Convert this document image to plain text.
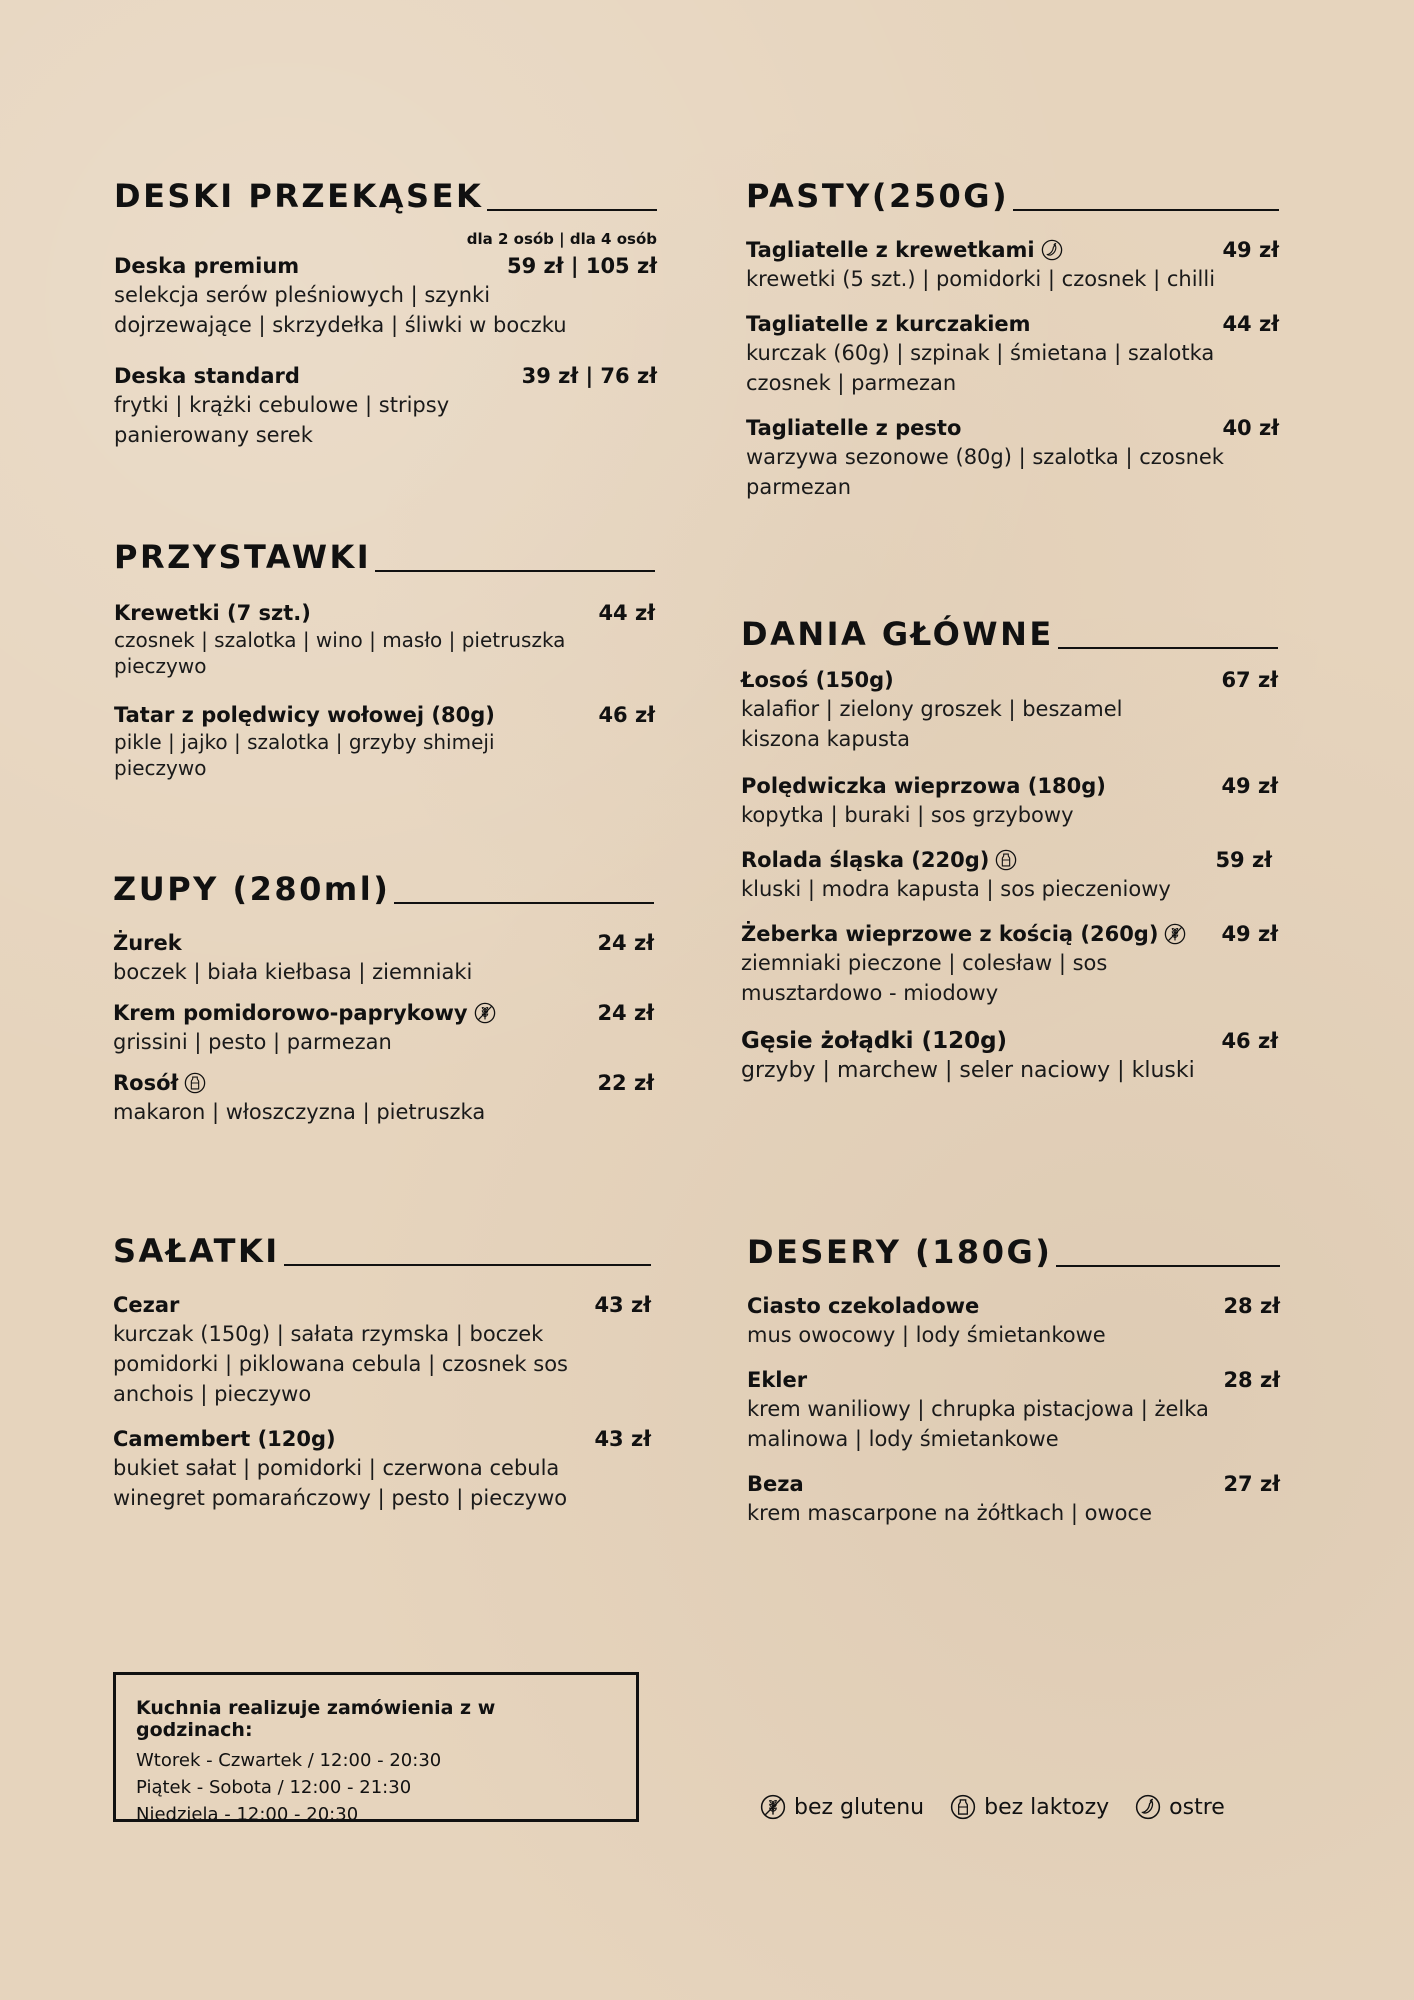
DESKI PRZEKĄSEK
dla 2 osób | dla 4 osób
Deska premium	59 zł | 105 zł
selekcja serów pleśniowych | szynki dojrzewające | skrzydełka | śliwki w boczku
Deska standard	39 zł | 76 zł
frytki | krążki cebulowe | stripsy panierowany serek
PRZYSTAWKI
Krewetki (7 szt.)	44 zł
czosnek | szalotka | wino | masło | pietruszka pieczywo
Tatar z polędwicy wołowej (80g)	46 zł
pikle | jajko | szalotka | grzyby shimeji pieczywo
ZUPY (280ml)
Żurek	24 zł
boczek | biała kiełbasa | ziemniaki
Krem pomidorowo-paprykowy	24 zł
grissini | pesto | parmezan
Rosół	22 zł
makaron | włoszczyzna | pietruszka
SAŁATKI
Cezar	43 zł
kurczak (150g) | sałata rzymska | boczek pomidorki | piklowana cebula | czosnek sos anchois | pieczywo
Camembert (120g)	43 zł
bukiet sałat | pomidorki | czerwona cebula winegret pomarańczowy | pesto | pieczywo
PASTY(250G)
Tagliatelle z krewetkami	49 zł
krewetki (5 szt.) | pomidorki | czosnek | chilli
Tagliatelle z kurczakiem	44 zł
kurczak (60g) | szpinak | śmietana | szalotka czosnek | parmezan
Tagliatelle z pesto	40 zł
warzywa sezonowe (80g) | szalotka | czosnek parmezan
DANIA GŁÓWNE
Łosoś (150g)	67 zł
kalafior | zielony groszek | beszamel kiszona kapusta
Polędwiczka wieprzowa (180g)	49 zł
kopytka | buraki | sos grzybowy
Rolada śląska (220g)	59 zł
kluski | modra kapusta | sos pieczeniowy
Żeberka wieprzowe z kością (260g)	49 zł
ziemniaki pieczone | colesław | sos musztardowo - miodowy
Gęsie żołądki (120g)	46 zł
grzyby | marchew | seler naciowy | kluski
DESERY (180G)
Ciasto czekoladowe	28 zł
mus owocowy | lody śmietankowe
Ekler	28 zł
krem waniliowy | chrupka pistacjowa | żelka malinowa | lody śmietankowe
Beza	27 zł
krem mascarpone na żółtkach | owoce
Kuchnia realizuje zamówienia z w godzinach:
Wtorek - Czwartek / 12:00 - 20:30
Piątek - Sobota / 12:00 - 21:30
Niedziela - 12:00 - 20:30	bez glutenu	bez laktozy	ostre
